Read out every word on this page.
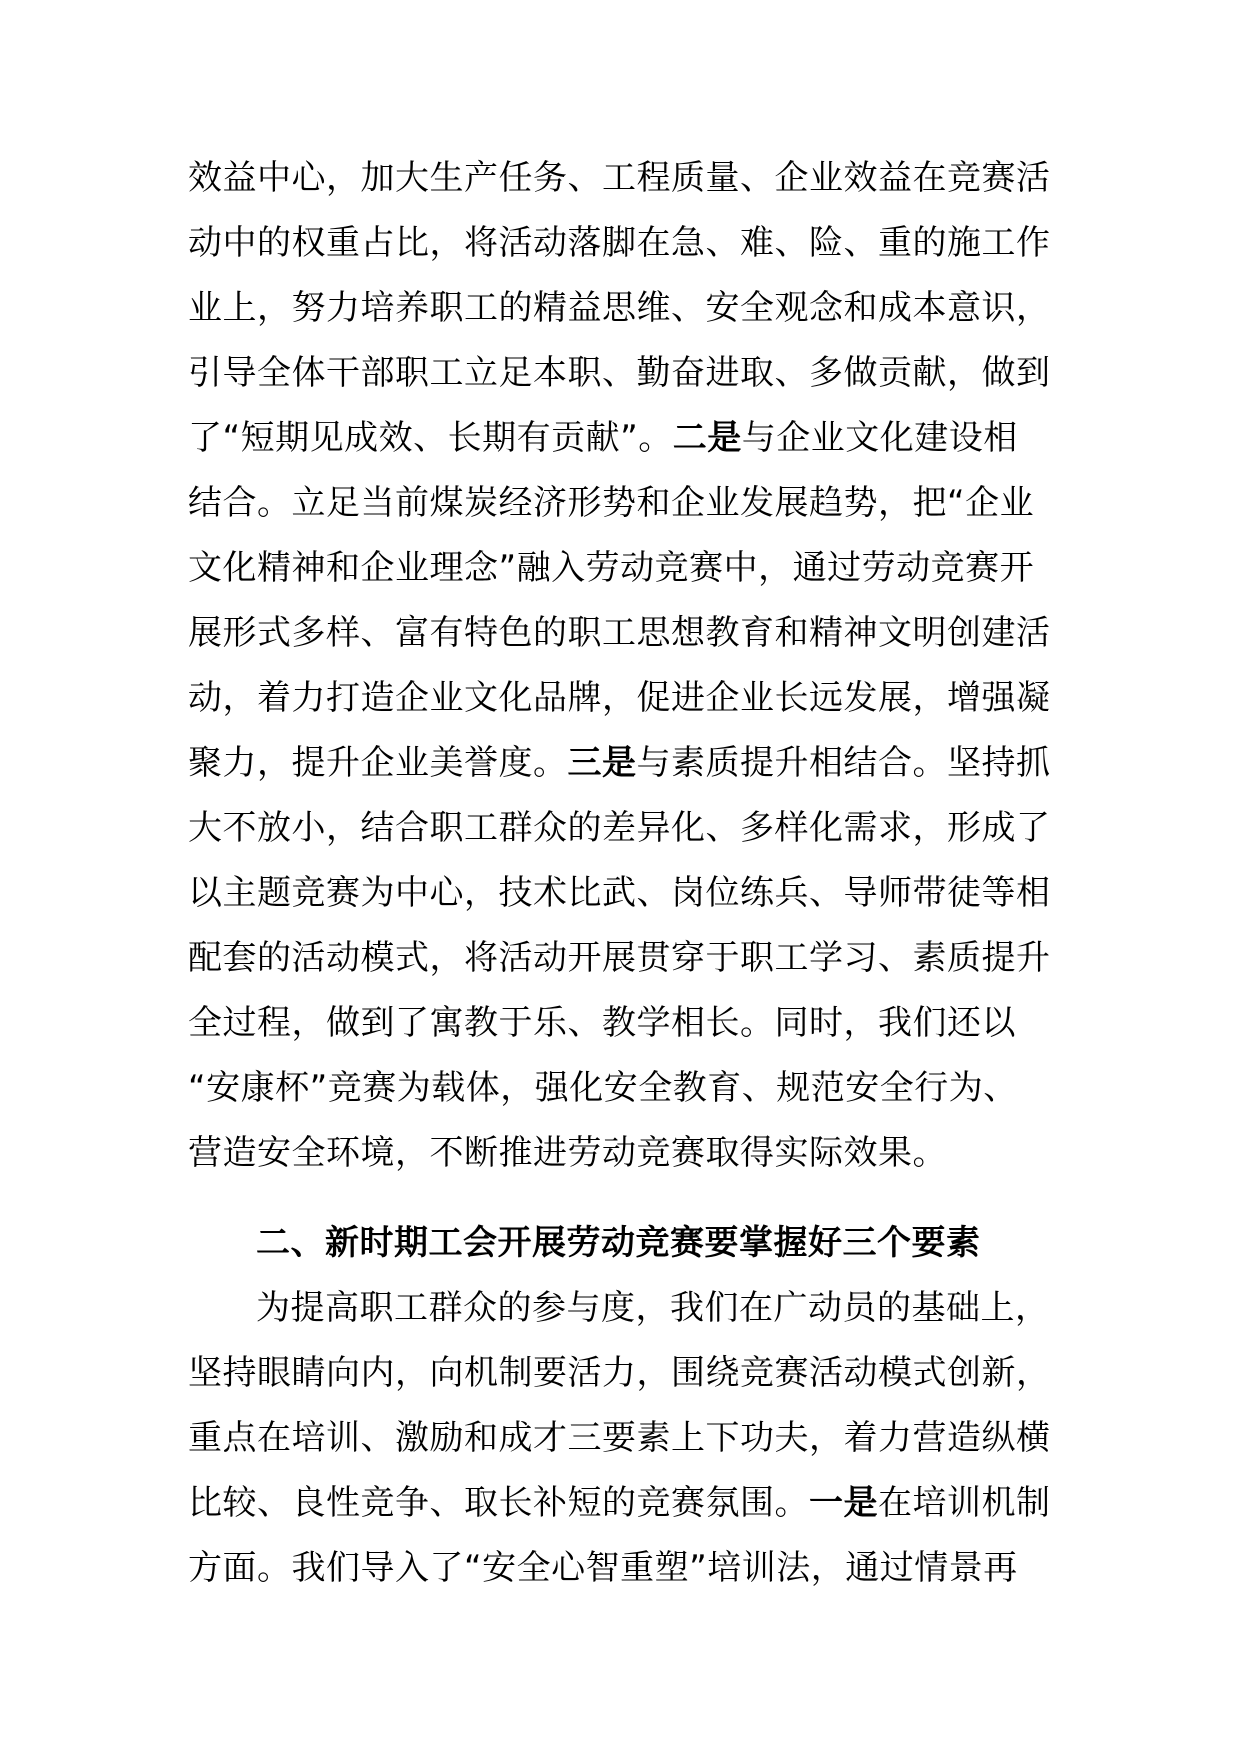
效益中心，加大生产任务、工程质量、企业效益在竞赛活
动中的权重占比，将活动落脚在急、难、险、重的施工作
业上，努力培养职工的精益思维、安全观念和成本意识，
引导全体干部职工立足本职、勤奋进取、多做贡献，做到
了“短期见成效、长期有贡献”。二是与企业文化建设相
结合。立足当前煤炭经济形势和企业发展趋势，把“企业
文化精神和企业理念”融入劳动竞赛中，通过劳动竞赛开
展形式多样、富有特色的职工思想教育和精神文明创建活
动，着力打造企业文化品牌，促进企业长远发展，增强凝
聚力，提升企业美誉度。三是与素质提升相结合。坚持抓
大不放小，结合职工群众的差异化、多样化需求，形成了
以主题竞赛为中心，技术比武、岗位练兵、导师带徒等相
配套的活动模式，将活动开展贯穿于职工学习、素质提升
全过程，做到了寓教于乐、教学相长。同时，我们还以
“安康杯”竞赛为载体，强化安全教育、规范安全行为、
营造安全环境，不断推进劳动竞赛取得实际效果。
二、新时期工会开展劳动竞赛要掌握好三个要素
为提高职工群众的参与度，我们在广动员的基础上，
坚持眼睛向内，向机制要活力，围绕竞赛活动模式创新，
重点在培训、激励和成才三要素上下功夫，着力营造纵横
比较、良性竞争、取长补短的竞赛氛围。一是在培训机制
方面。我们导入了“安全心智重塑”培训法，通过情景再
